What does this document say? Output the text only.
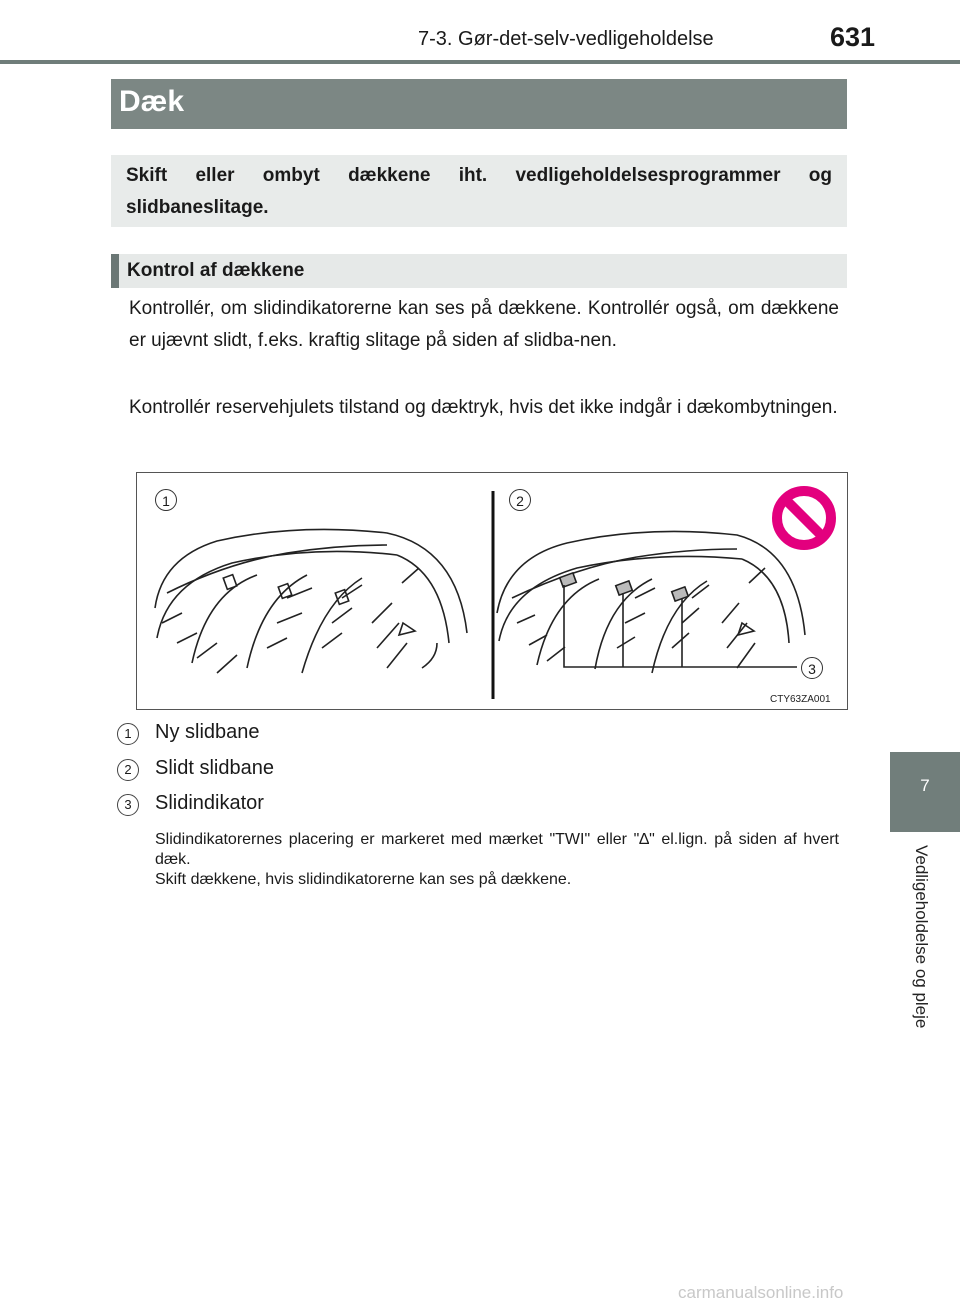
7-3. Gør-det-selv-vedligeholdelse	631
7
Vedligeholdelse og pleje
Dæk

Skift eller ombyt dækkene iht. vedligeholdelsesprogrammer og slidbaneslitage.

Kontrol af dækkene

Kontrollér, om slidindikatorerne kan ses på dækkene. Kontrollér også, om dækkene er ujævnt slidt, f.eks. kraftig slitage på siden af slidba-nen.

Kontrollér reservehjulets tilstand og dæktryk, hvis det ikke indgår i dækombytningen.

1	2
3
CTY63ZA001
1	Ny slidbane
2	Slidt slidbane
3	Slidindikator

Slidindikatorernes placering er markeret med mærket "TWI" eller "∆" el.lign. på siden af hvert dæk.

Skift dækkene, hvis slidindikatorerne kan ses på dækkene.

carmanualsonline.info
